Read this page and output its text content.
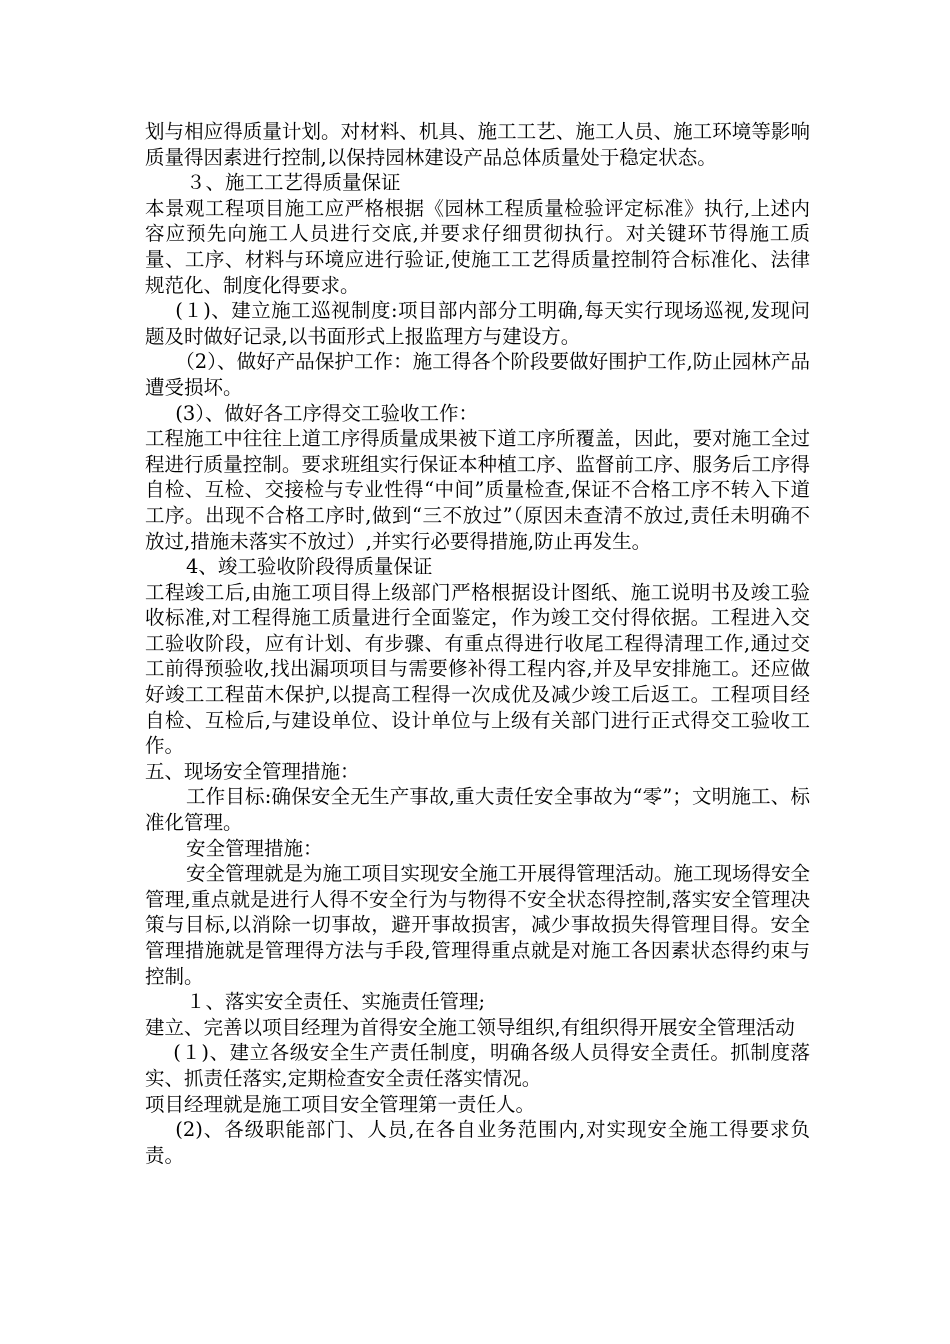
划与相应得质量计划。对材料、机具、施工工艺、施工人员、施工环境等影响质量得因素进行控制,以保持园林建设产品总体质量处于稳定状态。

３、施工工艺得质量保证

本景观工程项目施工应严格根据《园林工程质量检验评定标准》执行,上述内容应预先向施工人员进行交底,并要求仔细贯彻执行。对关键环节得施工质量、工序、材料与环境应进行验证,使施工工艺得质量控制符合标准化、法律规范化、制度化得要求。

(１)、建立施工巡视制度:项目部内部分工明确,每天实行现场巡视,发现问题及时做好记录,以书面形式上报监理方与建设方。

（2）、做好产品保护工作：施工得各个阶段要做好围护工作,防止园林产品遭受损坏。

(3）、做好各工序得交工验收工作：

工程施工中往往上道工序得质量成果被下道工序所覆盖，因此，要对施工全过程进行质量控制。要求班组实行保证本种植工序、监督前工序、服务后工序得自检、互检、交接检与专业性得“中间”质量检查,保证不合格工序不转入下道工序。出现不合格工序时,做到“三不放过”（原因未查清不放过,责任未明确不放过,措施未落实不放过）,并实行必要得措施,防止再发生。

4、竣工验收阶段得质量保证

工程竣工后,由施工项目得上级部门严格根据设计图纸、施工说明书及竣工验收标准,对工程得施工质量进行全面鉴定，作为竣工交付得依据。工程进入交工验收阶段，应有计划、有步骤、有重点得进行收尾工程得清理工作,通过交工前得预验收,找出漏项项目与需要修补得工程内容,并及早安排施工。还应做好竣工工程苗木保护,以提高工程得一次成优及减少竣工后返工。工程项目经自检、互检后,与建设单位、设计单位与上级有关部门进行正式得交工验收工作。

五、现场安全管理措施：

工作目标:确保安全无生产事故,重大责任安全事故为“零”；文明施工、标准化管理。

安全管理措施：

安全管理就是为施工项目实现安全施工开展得管理活动。施工现场得安全管理,重点就是进行人得不安全行为与物得不安全状态得控制,落实安全管理决策与目标,以消除一切事故，避开事故损害，减少事故损失得管理目得。安全管理措施就是管理得方法与手段,管理得重点就是对施工各因素状态得约束与控制。

１、落实安全责任、实施责任管理;

建立、完善以项目经理为首得安全施工领导组织,有组织得开展安全管理活动

(１)、建立各级安全生产责任制度，明确各级人员得安全责任。抓制度落实、抓责任落实,定期检查安全责任落实情况。

项目经理就是施工项目安全管理第一责任人。

(2)、各级职能部门、人员,在各自业务范围内,对实现安全施工得要求负责。
